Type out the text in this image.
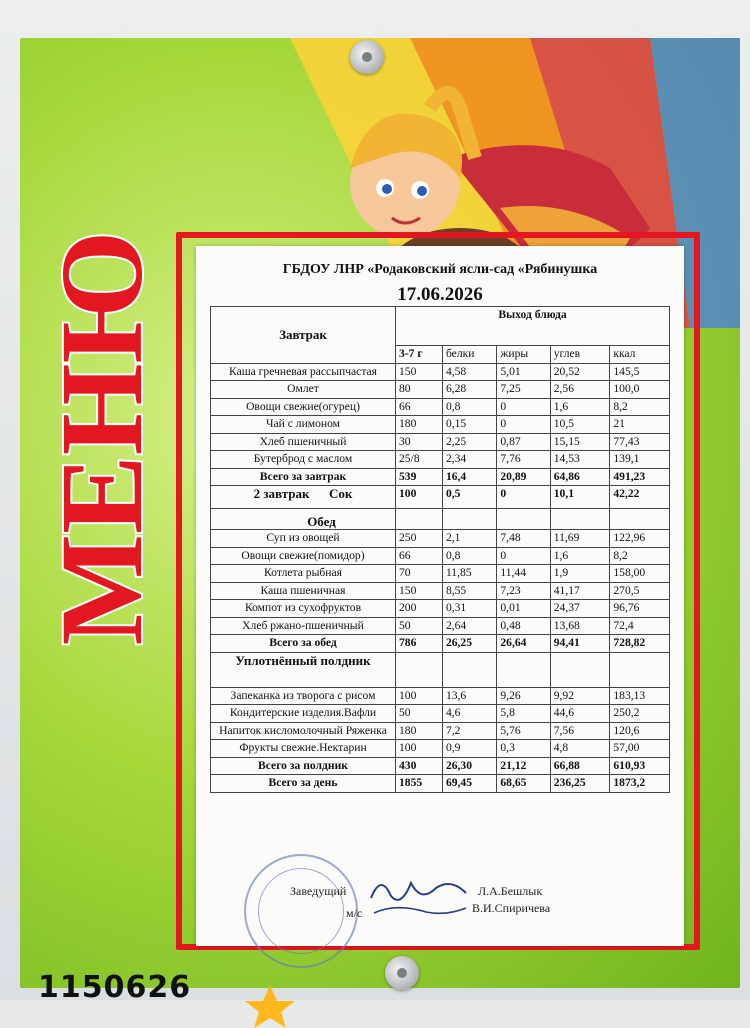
МЕНЮ
1150626
ГБДОУ ЛНР «Родаковский ясли-сад «Рябинушка
17.06.2026
Завтрак	Выход блюда				
	3-7 г	белки	жиры	углев	ккал
Каша гречневая рассыпчастая	150	4,58	5,01	20,52	145,5
Омлет	80	6,28	7,25	2,56	100,0
Овощи свежие(огурец)	66	0,8	0	1,6	8,2
Чай с лимоном	180	0,15	0	10,5	21
Хлеб пшеничный	30	2,25	0,87	15,15	77,43
Бутерброд с маслом	25/8	2,34	7,76	14,53	139,1
Всего за завтрак	539	16,4	20,89	64,86	491,23
2 завтрак Сок	100	0,5	0	10,1	42,22
Обед					
Суп из овощей	250	2,1	7,48	11,69	122,96
Овощи свежие(помидор)	66	0,8	0	1,6	8,2
Котлета рыбная	70	11,85	11,44	1,9	158,00
Каша пшеничная	150	8,55	7,23	41,17	270,5
Компот из сухофруктов	200	0,31	0,01	24,37	96,76
Хлеб ржано-пшеничный	50	2,64	0,48	13,68	72,4
Всего за обед	786	26,25	26,64	94,41	728,82
Уплотнённый полдник					
Запеканка из творога с рисом	100	13,6	9,26	9,92	183,13
Кондитерские изделия.Вафли	50	4,6	5,8	44,6	250,2
Напиток кисломолочный Ряженка	180	7,2	5,76	7,56	120,6
Фрукты свежие.Нектарин	100	0,9	0,3	4,8	57,00
Всего за полдник	430	26,30	21,12	66,88	610,93
Всего за день	1855	69,45	68,65	236,25	1873,2
Заведущий	Л.А.Бешлык
м/с	В.И.Спиричева
